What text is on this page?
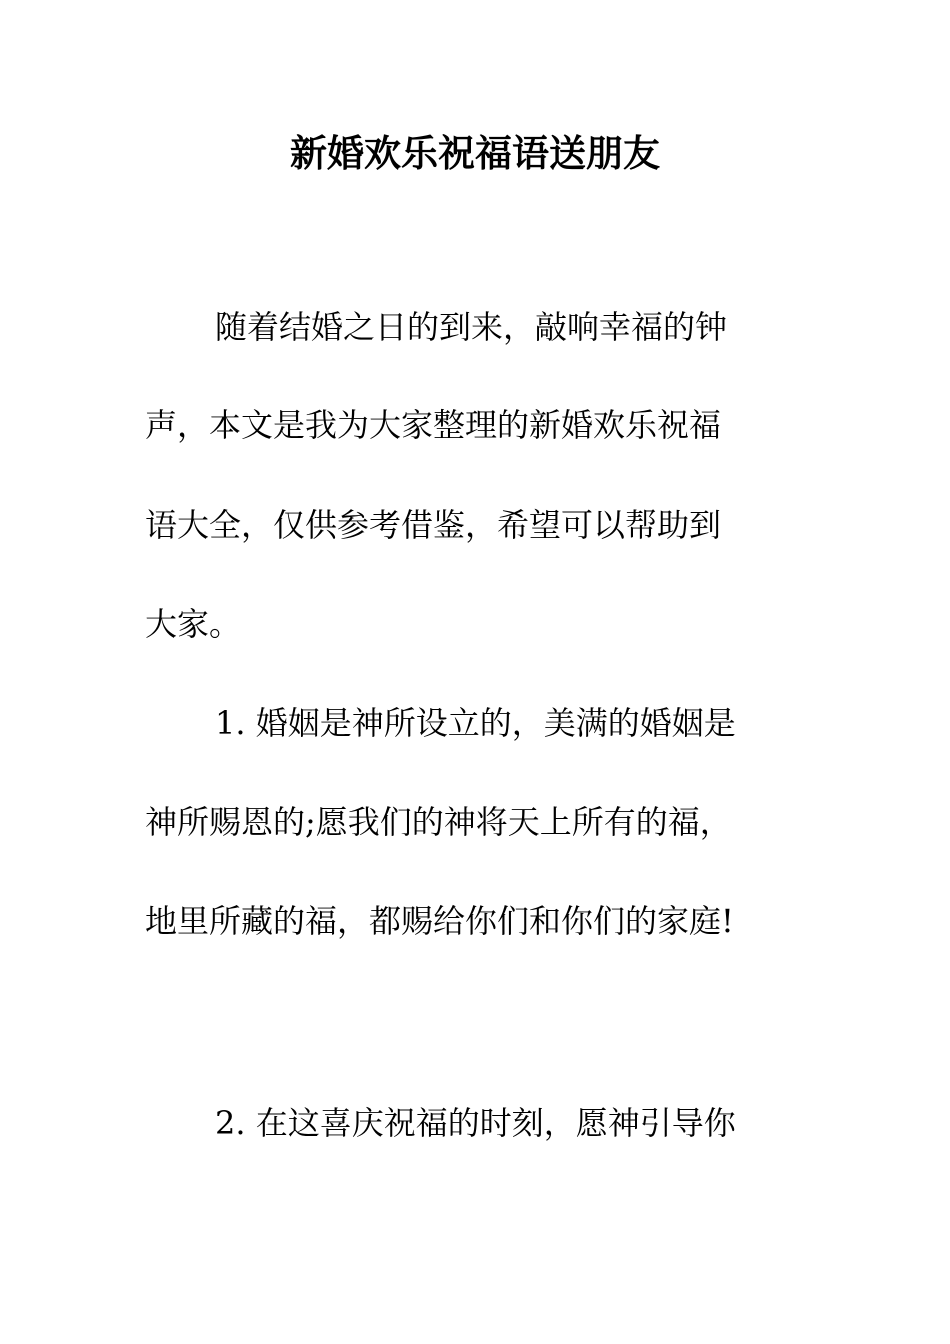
新婚欢乐祝福语送朋友
随着结婚之日的到来，敲响幸福的钟
声，本文是我为大家整理的新婚欢乐祝福
语大全，仅供参考借鉴，希望可以帮助到
大家。
1. 婚姻是神所设立的，美满的婚姻是
神所赐恩的;愿我们的神将天上所有的福，
地里所藏的福，都赐给你们和你们的家庭!
2. 在这喜庆祝福的时刻，愿神引导你
